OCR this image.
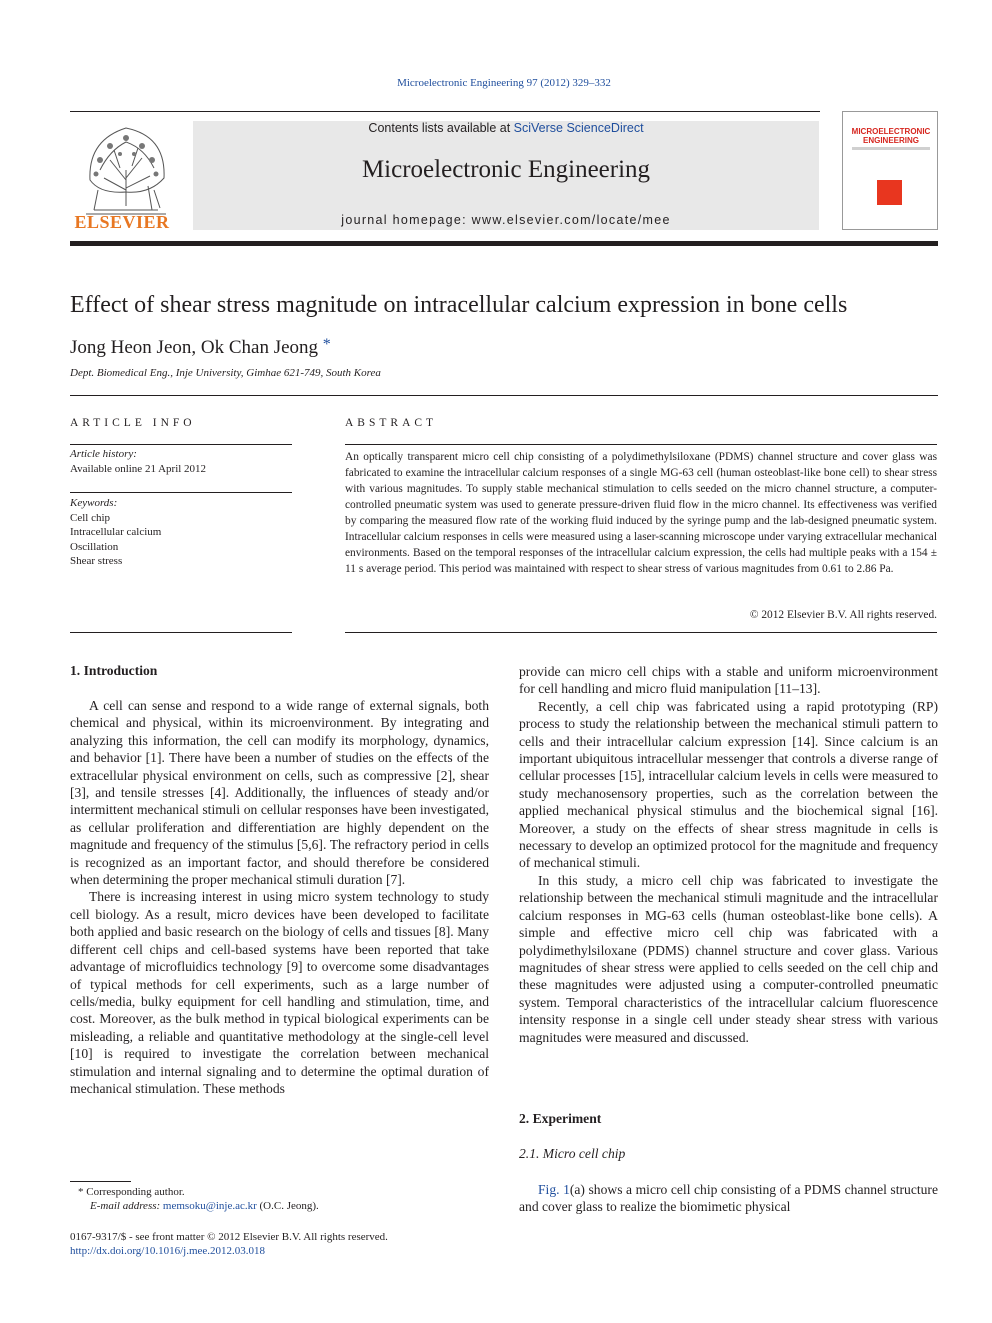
Microelectronic Engineering 97 (2012) 329–332
ELSEVIER
Contents lists available at SciVerse ScienceDirect
Microelectronic Engineering
journal homepage: www.elsevier.com/locate/mee
MICROELECTRONIC ENGINEERING
Effect of shear stress magnitude on intracellular calcium expression in bone cells
Jong Heon Jeon, Ok Chan Jeong *
Dept. Biomedical Eng., Inje University, Gimhae 621-749, South Korea
ARTICLE INFO
Article history:
Available online 21 April 2012
Keywords:
Cell chip
Intracellular calcium
Oscillation
Shear stress
ABSTRACT
An optically transparent micro cell chip consisting of a polydimethylsiloxane (PDMS) channel structure and cover glass was fabricated to examine the intracellular calcium responses of a single MG-63 cell (human osteoblast-like bone cell) to shear stress with various magnitudes. To supply stable mechanical stimulation to cells seeded on the micro channel structure, a computer-controlled pneumatic system was used to generate pressure-driven fluid flow in the micro channel. Its effectiveness was verified by comparing the measured flow rate of the working fluid induced by the syringe pump and the lab-designed pneumatic system. Intracellular calcium responses in cells were measured using a laser-scanning microscope under varying extracellular mechanical environments. Based on the temporal responses of the intracellular calcium expression, the cells had multiple peaks with a 154 ± 11 s average period. This period was maintained with respect to shear stress of various magnitudes from 0.61 to 2.86 Pa.
© 2012 Elsevier B.V. All rights reserved.
1. Introduction

A cell can sense and respond to a wide range of external signals, both chemical and physical, within its microenvironment. By integrating and analyzing this information, the cell can modify its morphology, dynamics, and behavior [1]. There have been a number of studies on the effects of the extracellular physical environment on cells, such as compressive [2], shear [3], and tensile stresses [4]. Additionally, the influences of steady and/or intermittent mechanical stimuli on cellular responses have been investigated, as cellular proliferation and differentiation are highly dependent on the magnitude and frequency of the stimulus [5,6]. The refractory period in cells is recognized as an important factor, and should therefore be considered when determining the proper mechanical stimuli duration [7].

There is increasing interest in using micro system technology to study cell biology. As a result, micro devices have been developed to facilitate both applied and basic research on the biology of cells and tissues [8]. Many different cell chips and cell-based systems have been reported that take advantage of microfluidics technology [9] to overcome some disadvantages of typical methods for cell experiments, such as a large number of cells/media, bulky equipment for cell handling and stimulation, time, and cost. Moreover, as the bulk method in typical biological experiments can be misleading, a reliable and quantitative methodology at the single-cell level [10] is required to investigate the correlation between mechanical stimulation and internal signaling and to determine the optimal duration of mechanical stimulation. These methods

provide can micro cell chips with a stable and uniform microenvironment for cell handling and micro fluid manipulation [11–13].

Recently, a cell chip was fabricated using a rapid prototyping (RP) process to study the relationship between the mechanical stimuli pattern to cells and their intracellular calcium expression [14]. Since calcium is an important ubiquitous intracellular messenger that controls a diverse range of cellular processes [15], intracellular calcium levels in cells were measured to study mechanosensory properties, such as the correlation between the applied mechanical physical stimulus and the biochemical signal [16]. Moreover, a study on the effects of shear stress magnitude in cells is necessary to develop an optimized protocol for the magnitude and frequency of mechanical stimuli.

In this study, a micro cell chip was fabricated to investigate the relationship between the mechanical stimuli magnitude and the intracellular calcium responses in MG-63 cells (human osteoblast-like bone cells). A simple and effective micro cell chip was fabricated with a polydimethylsiloxane (PDMS) channel structure and cover glass. Various magnitudes of shear stress were applied to cells seeded on the cell chip and these magnitudes were adjusted using a computer-controlled pneumatic system. Temporal characteristics of the intracellular calcium fluorescence intensity response in a single cell under steady shear stress with various magnitudes were measured and discussed.

2. Experiment
2.1. Micro cell chip

Fig. 1(a) shows a micro cell chip consisting of a PDMS channel structure and cover glass to realize the biomimetic physical

* Corresponding author.
E-mail address: memsoku@inje.ac.kr (O.C. Jeong).
0167-9317/$ - see front matter © 2012 Elsevier B.V. All rights reserved.
http://dx.doi.org/10.1016/j.mee.2012.03.018
